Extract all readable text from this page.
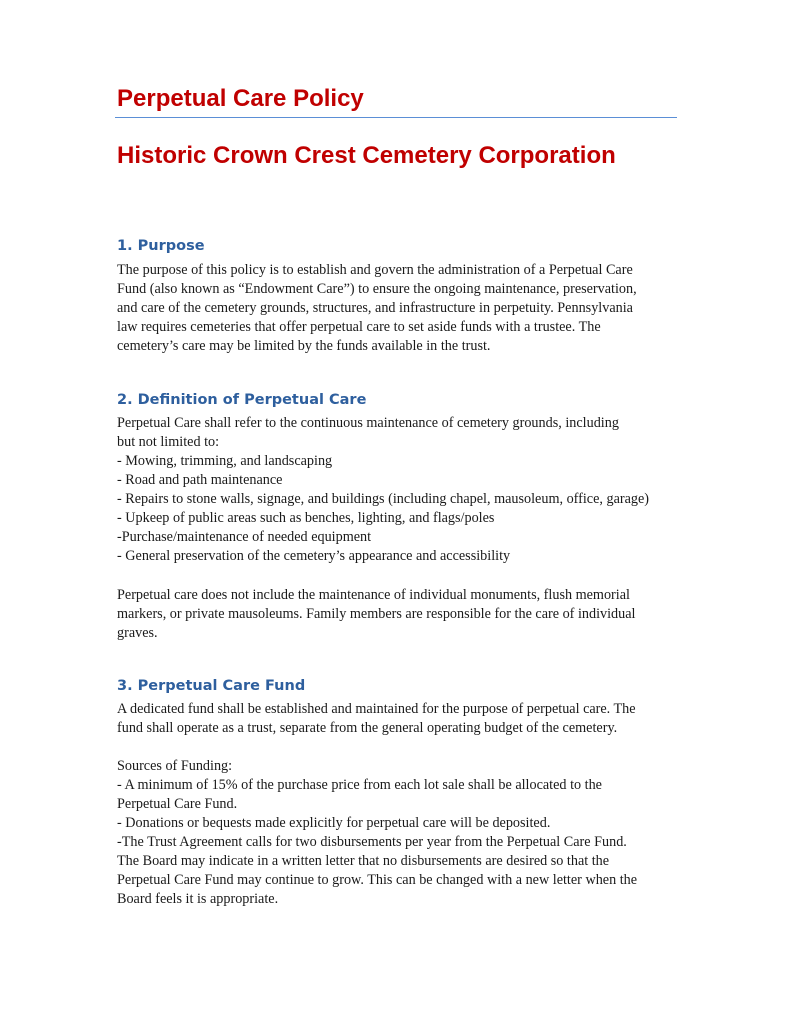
Perpetual Care Policy
Historic Crown Crest Cemetery Corporation
1. Purpose
The purpose of this policy is to establish and govern the administration of a Perpetual Care
Fund (also known as “Endowment Care”) to ensure the ongoing maintenance, preservation,
and care of the cemetery grounds, structures, and infrastructure in perpetuity. Pennsylvania
law requires cemeteries that offer perpetual care to set aside funds with a trustee. The
cemetery’s care may be limited by the funds available in the trust.
2. Definition of Perpetual Care
Perpetual Care shall refer to the continuous maintenance of cemetery grounds, including
but not limited to:
- Mowing, trimming, and landscaping
- Road and path maintenance
- Repairs to stone walls, signage, and buildings (including chapel, mausoleum, office, garage)
- Upkeep of public areas such as benches, lighting, and flags/poles
-Purchase/maintenance of needed equipment
- General preservation of the cemetery’s appearance and accessibility
Perpetual care does not include the maintenance of individual monuments, flush memorial
markers, or private mausoleums. Family members are responsible for the care of individual
graves.
3. Perpetual Care Fund
A dedicated fund shall be established and maintained for the purpose of perpetual care. The
fund shall operate as a trust, separate from the general operating budget of the cemetery.
Sources of Funding:
- A minimum of 15% of the purchase price from each lot sale shall be allocated to the
Perpetual Care Fund.
- Donations or bequests made explicitly for perpetual care will be deposited.
-The Trust Agreement calls for two disbursements per year from the Perpetual Care Fund.
The Board may indicate in a written letter that no disbursements are desired so that the
Perpetual Care Fund may continue to grow. This can be changed with a new letter when the
Board feels it is appropriate.
